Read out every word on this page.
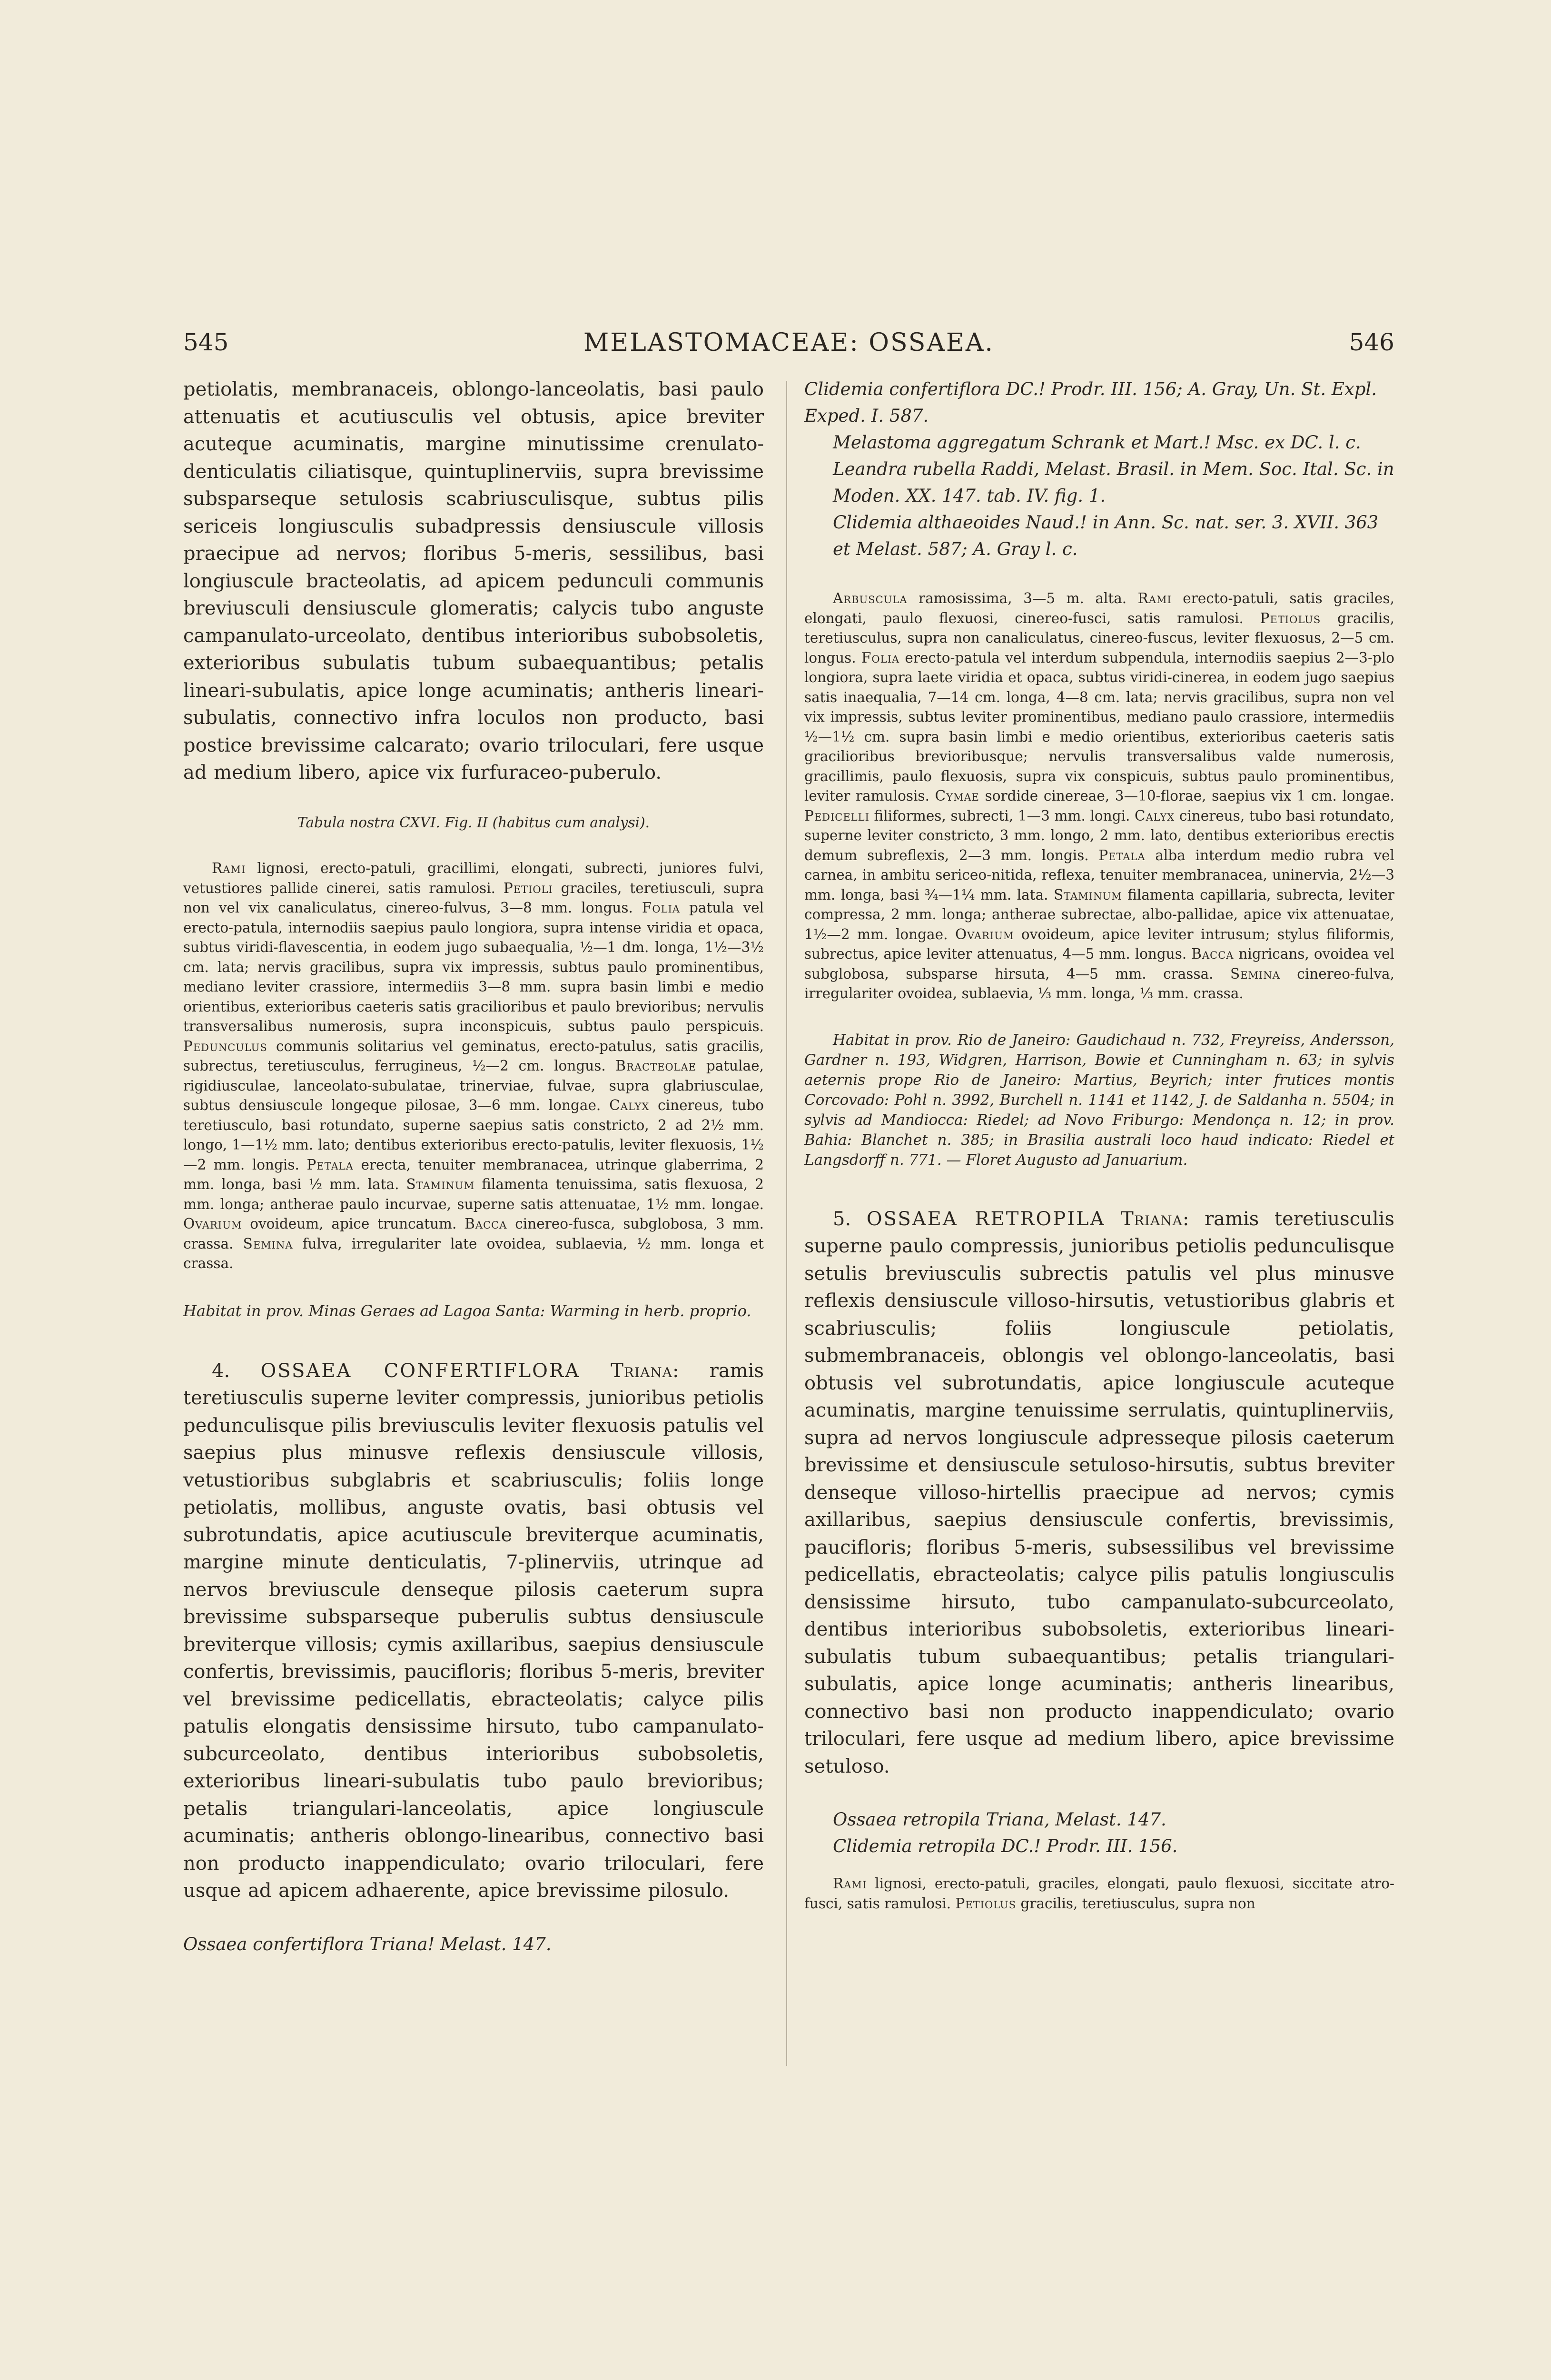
545	MELASTOMACEAE: OSSAEA.	546

petiolatis, membranaceis, oblongo-lanceolatis, basi paulo attenuatis et acutiusculis vel obtusis, apice breviter acuteque acuminatis, margine minutissime crenulato-denticulatis ciliatisque, quintuplinerviis, supra brevissime subsparseque setulosis scabriusculisque, subtus pilis sericeis longiusculis subadpressis densiuscule villosis praecipue ad nervos; floribus 5-meris, sessilibus, basi longiuscule bracteolatis, ad apicem pedunculi communis breviusculi densiuscule glomeratis; calycis tubo anguste campanulato-urceolato, dentibus interioribus subobsoletis, exterioribus subulatis tubum subaequantibus; petalis lineari-subulatis, apice longe acuminatis; antheris lineari-subulatis, connectivo infra loculos non producto, basi postice brevissime calcarato; ovario triloculari, fere usque ad medium libero, apice vix furfuraceo-puberulo.

Tabula nostra CXVI. Fig. II (habitus cum analysi).

Rami lignosi, erecto-patuli, gracillimi, elongati, subrecti, juniores fulvi, vetustiores pallide cinerei, satis ramulosi. Petioli graciles, teretiusculi, supra non vel vix canaliculatus, cinereo-fulvus, 3—8 mm. longus. Folia patula vel erecto-patula, internodiis saepius paulo longiora, supra intense viridia et opaca, subtus viridi-flavescentia, in eodem jugo subaequalia, ½—1 dm. longa, 1½—3½ cm. lata; nervis gracilibus, supra vix impressis, subtus paulo prominentibus, mediano leviter crassiore, intermediis 3—8 mm. supra basin limbi e medio orientibus, exterioribus caeteris satis gracilioribus et paulo brevioribus; nervulis transversalibus numerosis, supra inconspicuis, subtus paulo perspicuis. Pedunculus communis solitarius vel geminatus, erecto-patulus, satis gracilis, subrectus, teretiusculus, ferrugineus, ½—2 cm. longus. Bracteolae patulae, rigidiusculae, lanceolato-subulatae, trinerviae, fulvae, supra glabriusculae, subtus densiuscule longeque pilosae, 3—6 mm. longae. Calyx cinereus, tubo teretiusculo, basi rotundato, superne saepius satis constricto, 2 ad 2½ mm. longo, 1—1½ mm. lato; dentibus exterioribus erecto-patulis, leviter flexuosis, 1½—2 mm. longis. Petala erecta, tenuiter membranacea, utrinque glaberrima, 2 mm. longa, basi ½ mm. lata. Staminum filamenta tenuissima, satis flexuosa, 2 mm. longa; antherae paulo incurvae, superne satis attenuatae, 1½ mm. longae. Ovarium ovoideum, apice truncatum. Bacca cinereo-fusca, subglobosa, 3 mm. crassa. Semina fulva, irregulariter late ovoidea, sublaevia, ½ mm. longa et crassa.

Habitat in prov. Minas Geraes ad Lagoa Santa: Warming in herb. proprio.

4. OSSAEA CONFERTIFLORA Triana: ramis teretiusculis superne leviter compressis, junioribus petiolis pedunculisque pilis breviusculis leviter flexuosis patulis vel saepius plus minusve reflexis densiuscule villosis, vetustioribus subglabris et scabriusculis; foliis longe petiolatis, mollibus, anguste ovatis, basi obtusis vel subrotundatis, apice acutiuscule breviterque acuminatis, margine minute denticulatis, 7-plinerviis, utrinque ad nervos breviuscule denseque pilosis caeterum supra brevissime subsparseque puberulis subtus densiuscule breviterque villosis; cymis axillaribus, saepius densiuscule confertis, brevissimis, paucifloris; floribus 5-meris, breviter vel brevissime pedicellatis, ebracteolatis; calyce pilis patulis elongatis densissime hirsuto, tubo campanulato-subcurceolato, dentibus interioribus subobsoletis, exterioribus lineari-subulatis tubo paulo brevioribus; petalis triangulari-lanceolatis, apice longiuscule acuminatis; antheris oblongo-linearibus, connectivo basi non producto inappendiculato; ovario triloculari, fere usque ad apicem adhaerente, apice brevissime pilosulo.

Ossaea confertiflora Triana! Melast. 147.

Clidemia confertiflora DC.! Prodr. III. 156; A. Gray, Un. St. Expl. Exped. I. 587.

Melastoma aggregatum Schrank et Mart.! Msc. ex DC. l. c.

Leandra rubella Raddi, Melast. Brasil. in Mem. Soc. Ital. Sc. in Moden. XX. 147. tab. IV. fig. 1.

Clidemia althaeoides Naud.! in Ann. Sc. nat. ser. 3. XVII. 363 et Melast. 587; A. Gray l. c.

Arbuscula ramosissima, 3—5 m. alta. Rami erecto-patuli, satis graciles, elongati, paulo flexuosi, cinereo-fusci, satis ramulosi. Petiolus gracilis, teretiusculus, supra non canaliculatus, cinereo-fuscus, leviter flexuosus, 2—5 cm. longus. Folia erecto-patula vel interdum subpendula, internodiis saepius 2—3-plo longiora, supra laete viridia et opaca, subtus viridi-cinerea, in eodem jugo saepius satis inaequalia, 7—14 cm. longa, 4—8 cm. lata; nervis gracilibus, supra non vel vix impressis, subtus leviter prominentibus, mediano paulo crassiore, intermediis ½—1½ cm. supra basin limbi e medio orientibus, exterioribus caeteris satis gracilioribus brevioribusque; nervulis transversalibus valde numerosis, gracillimis, paulo flexuosis, supra vix conspicuis, subtus paulo prominentibus, leviter ramulosis. Cymae sordide cinereae, 3—10-florae, saepius vix 1 cm. longae. Pedicelli filiformes, subrecti, 1—3 mm. longi. Calyx cinereus, tubo basi rotundato, superne leviter constricto, 3 mm. longo, 2 mm. lato, dentibus exterioribus erectis demum subreflexis, 2—3 mm. longis. Petala alba interdum medio rubra vel carnea, in ambitu sericeo-nitida, reflexa, tenuiter membranacea, uninervia, 2½—3 mm. longa, basi ¾—1¼ mm. lata. Staminum filamenta capillaria, subrecta, leviter compressa, 2 mm. longa; antherae subrectae, albo-pallidae, apice vix attenuatae, 1½—2 mm. longae. Ovarium ovoideum, apice leviter intrusum; stylus filiformis, subrectus, apice leviter attenuatus, 4—5 mm. longus. Bacca nigricans, ovoidea vel subglobosa, subsparse hirsuta, 4—5 mm. crassa. Semina cinereo-fulva, irregulariter ovoidea, sublaevia, ⅓ mm. longa, ⅓ mm. crassa.

Habitat in prov. Rio de Janeiro: Gaudichaud n. 732, Freyreiss, Andersson, Gardner n. 193, Widgren, Harrison, Bowie et Cunningham n. 63; in sylvis aeternis prope Rio de Janeiro: Martius, Beyrich; inter frutices montis Corcovado: Pohl n. 3992, Burchell n. 1141 et 1142, J. de Saldanha n. 5504; in sylvis ad Mandiocca: Riedel; ad Novo Friburgo: Mendonça n. 12; in prov. Bahia: Blanchet n. 385; in Brasilia australi loco haud indicato: Riedel et Langsdorff n. 771. — Floret Augusto ad Januarium.

5. OSSAEA RETROPILA Triana: ramis teretiusculis superne paulo compressis, junioribus petiolis pedunculisque setulis breviusculis subrectis patulis vel plus minusve reflexis densiuscule villoso-hirsutis, vetustioribus glabris et scabriusculis; foliis longiuscule petiolatis, submembranaceis, oblongis vel oblongo-lanceolatis, basi obtusis vel subrotundatis, apice longiuscule acuteque acuminatis, margine tenuissime serrulatis, quintuplinerviis, supra ad nervos longiuscule adpresseque pilosis caeterum brevissime et densiuscule setuloso-hirsutis, subtus breviter denseque villoso-hirtellis praecipue ad nervos; cymis axillaribus, saepius densiuscule confertis, brevissimis, paucifloris; floribus 5-meris, subsessilibus vel brevissime pedicellatis, ebracteolatis; calyce pilis patulis longiusculis densissime hirsuto, tubo campanulato-subcurceolato, dentibus interioribus subobsoletis, exterioribus lineari-subulatis tubum subaequantibus; petalis triangulari-subulatis, apice longe acuminatis; antheris linearibus, connectivo basi non producto inappendiculato; ovario triloculari, fere usque ad medium libero, apice brevissime setuloso.

Ossaea retropila Triana, Melast. 147.

Clidemia retropila DC.! Prodr. III. 156.

Rami lignosi, erecto-patuli, graciles, elongati, paulo flexuosi, siccitate atro-fusci, satis ramulosi. Petiolus gracilis, teretiusculus, supra non
